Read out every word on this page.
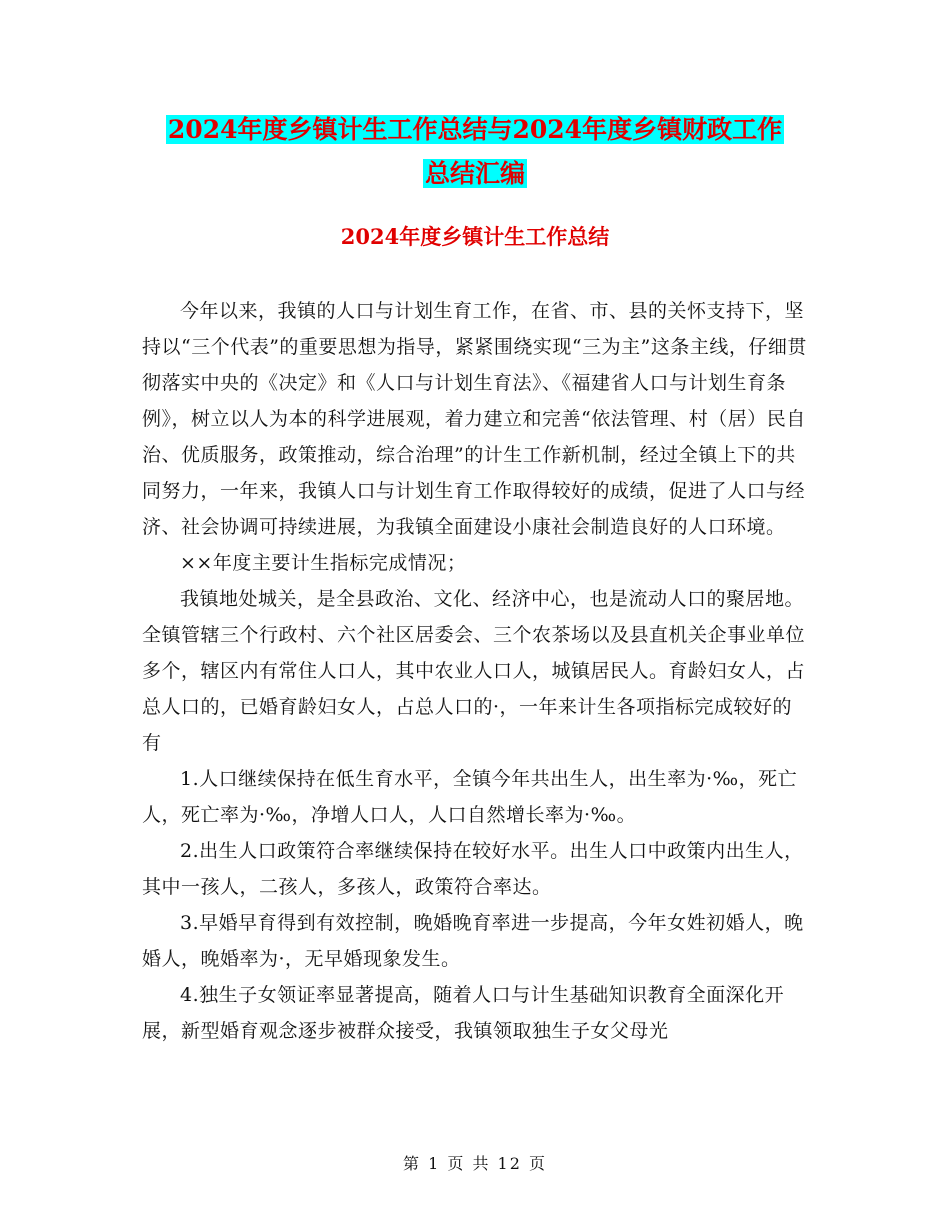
2024年度乡镇计生工作总结与2024年度乡镇财政工作
总结汇编
2024年度乡镇计生工作总结

今年以来，我镇的人口与计划生育工作，在省、市、县的关怀支持下，坚持以“三个代表”的重要思想为指导，紧紧围绕实现“三为主”这条主线，仔细贯彻落实中央的《决定》和《人口与计划生育法》、《福建省人口与计划生育条例》，树立以人为本的科学进展观，着力建立和完善“依法管理、村（居）民自治、优质服务，政策推动，综合治理”的计生工作新机制，经过全镇上下的共同努力，一年来，我镇人口与计划生育工作取得较好的成绩，促进了人口与经济、社会协调可持续进展，为我镇全面建设小康社会制造良好的人口环境。

××年度主要计生指标完成情况；

我镇地处城关，是全县政治、文化、经济中心，也是流动人口的聚居地。全镇管辖三个行政村、六个社区居委会、三个农茶场以及县直机关企事业单位多个，辖区内有常住人口人，其中农业人口人，城镇居民人。育龄妇女人，占总人口的，已婚育龄妇女人，占总人口的·，一年来计生各项指标完成较好的有

1.人口继续保持在低生育水平，全镇今年共出生人，出生率为·‰，死亡人，死亡率为·‰，净增人口人，人口自然增长率为·‰。

2.出生人口政策符合率继续保持在较好水平。出生人口中政策内出生人，其中一孩人，二孩人，多孩人，政策符合率达。

3.早婚早育得到有效控制，晚婚晚育率进一步提高，今年女姓初婚人，晚婚人，晚婚率为·，无早婚现象发生。

4.独生子女领证率显著提高，随着人口与计生基础知识教育全面深化开展，新型婚育观念逐步被群众接受，我镇领取独生子女父母光

第 1 页 共 12 页
